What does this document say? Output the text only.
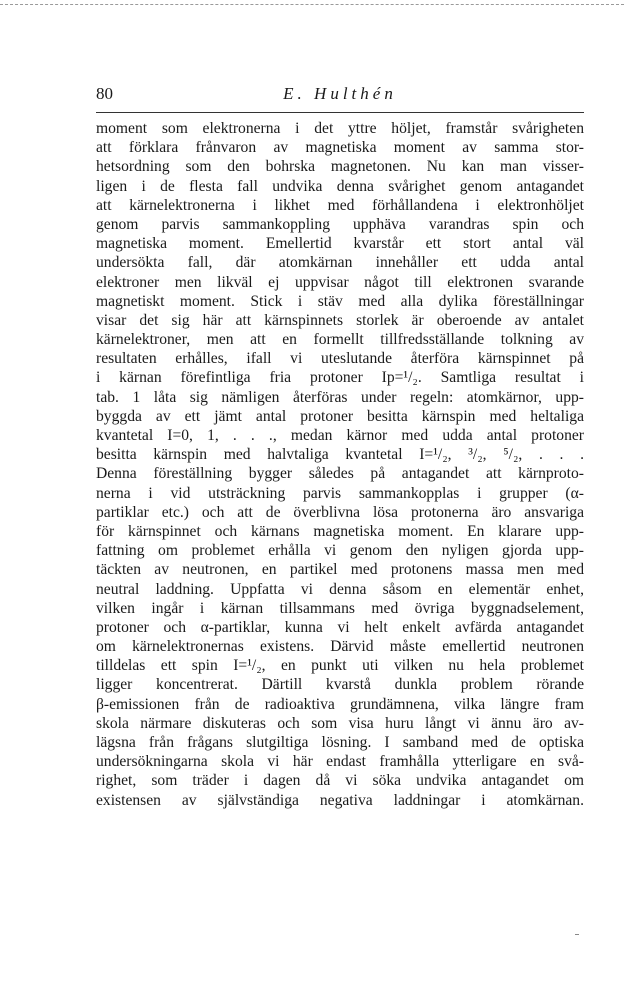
80	E. Hulthén
moment som elektronerna i det yttre höljet, framstår svårigheten
att förklara frånvaron av magnetiska moment av samma stor-
hetsordning som den bohrska magnetonen. Nu kan man visser-
ligen i de flesta fall undvika denna svårighet genom antagandet
att kärnelektronerna i likhet med förhållandena i elektronhöljet
genom parvis sammankoppling upphäva varandras spin och
magnetiska moment. Emellertid kvarstår ett stort antal väl
undersökta fall, där atomkärnan innehåller ett udda antal
elektroner men likväl ej uppvisar något till elektronen svarande
magnetiskt moment. Stick i stäv med alla dylika föreställningar
visar det sig här att kärnspinnets storlek är oberoende av antalet
kärnelektroner, men att en formellt tillfredsställande tolkning av
resultaten erhålles, ifall vi uteslutande återföra kärnspinnet på
i kärnan förefintliga fria protoner Ip=¹/₂. Samtliga resultat i
tab. 1 låta sig nämligen återföras under regeln: atomkärnor, upp-
byggda av ett jämt antal protoner besitta kärnspin med heltaliga
kvantetal I=0, 1, . . ., medan kärnor med udda antal protoner
besitta kärnspin med halvtaliga kvantetal I=¹/₂, ³/₂, ⁵/₂, . . .
Denna föreställning bygger således på antagandet att kärnproto-
nerna i vid utsträckning parvis sammankopplas i grupper (α-
partiklar etc.) och att de överblivna lösa protonerna äro ansvariga
för kärnspinnet och kärnans magnetiska moment. En klarare upp-
fattning om problemet erhålla vi genom den nyligen gjorda upp-
täckten av neutronen, en partikel med protonens massa men med
neutral laddning. Uppfatta vi denna såsom en elementär enhet,
vilken ingår i kärnan tillsammans med övriga byggnadselement,
protoner och α-partiklar, kunna vi helt enkelt avfärda antagandet
om kärnelektronernas existens. Därvid måste emellertid neutronen
tilldelas ett spin I=¹/₂, en punkt uti vilken nu hela problemet
ligger koncentrerat. Därtill kvarstå dunkla problem rörande
β-emissionen från de radioaktiva grundämnena, vilka längre fram
skola närmare diskuteras och som visa huru långt vi ännu äro av-
lägsna från frågans slutgiltiga lösning. I samband med de optiska
undersökningarna skola vi här endast framhålla ytterligare en svå-
righet, som träder i dagen då vi söka undvika antagandet om
existensen av självständiga negativa laddningar i atomkärnan.
